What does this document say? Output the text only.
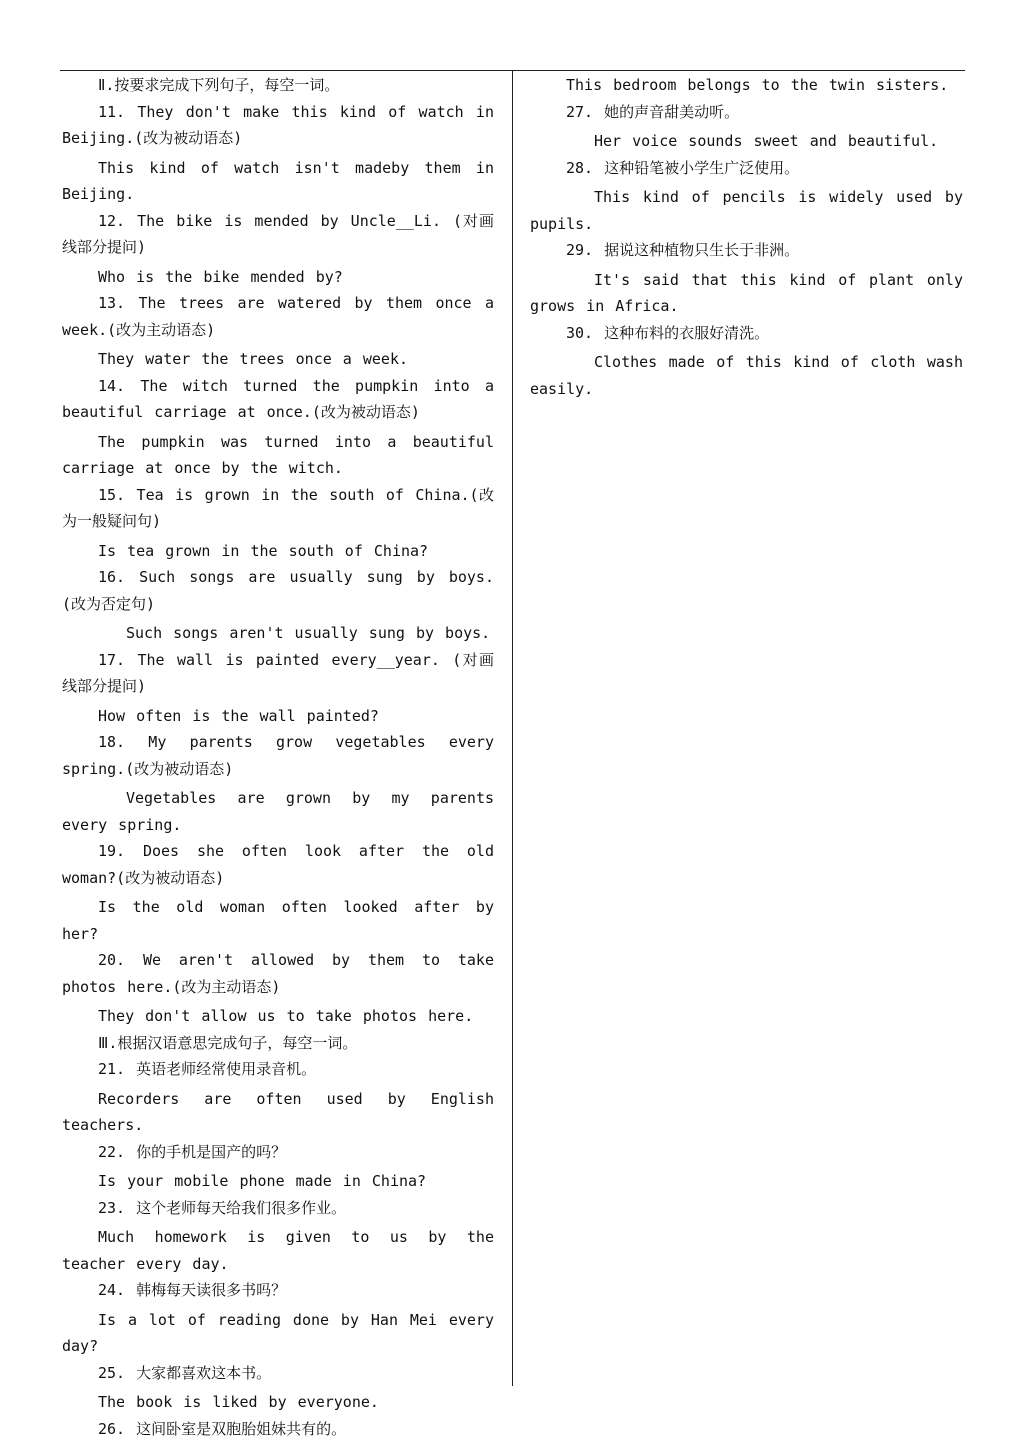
Ⅱ.按要求完成下列句子，每空一词。

11. They don't make this kind of watch in Beijing.(改为被动语态)

This kind of watch isn't madeby them in Beijing.

12. The bike is mended by Uncle__Li. (对画线部分提问)

Who is the bike mended by?

13. The trees are watered by them once a week.(改为主动语态)

They water the trees once a week.

14. The witch turned the pumpkin into a beautiful carriage at once.(改为被动语态)

The pumpkin was turned into a beautiful carriage at once by the witch.

15. Tea is grown in the south of China.(改为一般疑问句)

Is tea grown in the south of China?

16. Such songs are usually sung by boys.(改为否定句)

Such songs aren't usually sung by boys.

17. The wall is painted every__year. (对画线部分提问)

How often is the wall painted?

18. My parents grow vegetables every spring.(改为被动语态)

Vegetables are grown by my parents every spring.

19. Does she often look after the old woman?(改为被动语态)

Is the old woman often looked after by her?

20. We aren't allowed by them to take photos here.(改为主动语态)

They don't allow us to take photos here.

Ⅲ.根据汉语意思完成句子，每空一词。

21. 英语老师经常使用录音机。

Recorders are often used by English teachers.

22. 你的手机是国产的吗？

Is your mobile phone made in China?

23. 这个老师每天给我们很多作业。

Much homework is given to us by the teacher every day.

24. 韩梅每天读很多书吗？

Is a lot of reading done by Han Mei every day?

25. 大家都喜欢这本书。

The book is liked by everyone.

26. 这间卧室是双胞胎姐妹共有的。

This bedroom belongs to the twin sisters.

27. 她的声音甜美动听。

Her voice sounds sweet and beautiful.

28. 这种铅笔被小学生广泛使用。

This kind of pencils is widely used by pupils.

29. 据说这种植物只生长于非洲。

It's said that this kind of plant only grows in Africa.

30. 这种布料的衣服好清洗。

Clothes made of this kind of cloth wash easily.
